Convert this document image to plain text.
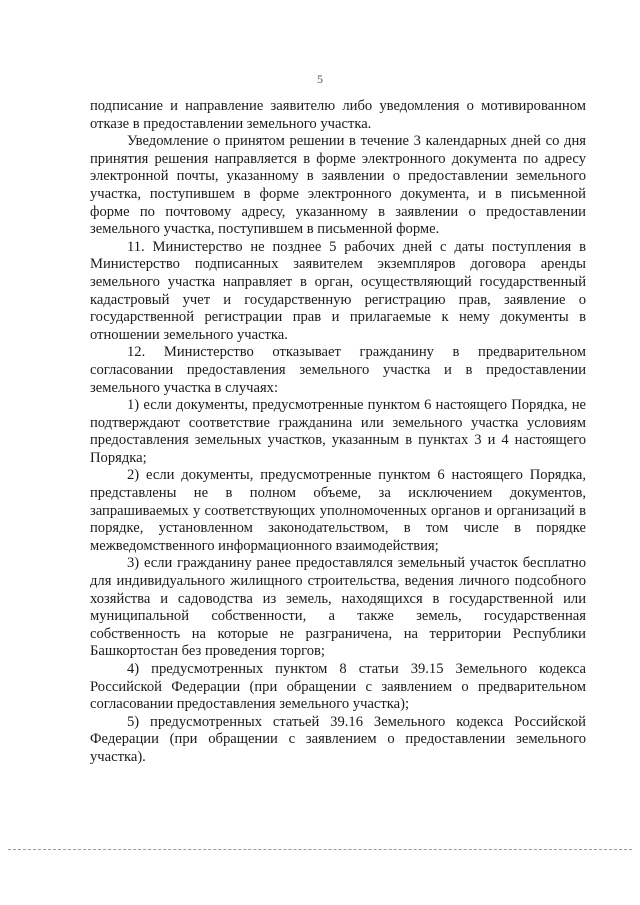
5

подписание и направление заявителю либо уведомления о мотивированном отказе в предоставлении земельного участка.

Уведомление о принятом решении в течение 3 календарных дней со дня принятия решения направляется в форме электронного документа по адресу электронной почты, указанному в заявлении о предоставлении земельного участка, поступившем в форме электронного документа, и в письменной форме по почтовому адресу, указанному в заявлении о предоставлении земельного участка, поступившем в письменной форме.

11. Министерство не позднее 5 рабочих дней с даты поступления в Министерство подписанных заявителем экземпляров договора аренды земельного участка направляет в орган, осуществляющий государственный кадастровый учет и государственную регистрацию прав, заявление о государственной регистрации прав и прилагаемые к нему документы в отношении земельного участка.

12. Министерство отказывает гражданину в предварительном согласовании предоставления земельного участка и в предоставлении земельного участка в случаях:

1) если документы, предусмотренные пунктом 6 настоящего Порядка, не подтверждают соответствие гражданина или земельного участка условиям предоставления земельных участков, указанным в пунктах 3 и 4 настоящего Порядка;

2) если документы, предусмотренные пунктом 6 настоящего Порядка, представлены не в полном объеме, за исключением документов, запрашиваемых у соответствующих уполномоченных органов и организаций в порядке, установленном законодательством, в том числе в порядке межведомственного информационного взаимодействия;

3) если гражданину ранее предоставлялся земельный участок бесплатно для индивидуального жилищного строительства, ведения личного подсобного хозяйства и садоводства из земель, находящихся в государственной или муниципальной собственности, а также земель, государственная собственность на которые не разграничена, на территории Республики Башкортостан без проведения торгов;

4) предусмотренных пунктом 8 статьи 39.15 Земельного кодекса Российской Федерации (при обращении с заявлением о предварительном согласовании предоставления земельного участка);

5) предусмотренных статьей 39.16 Земельного кодекса Российской Федерации (при обращении с заявлением о предоставлении земельного участка).
